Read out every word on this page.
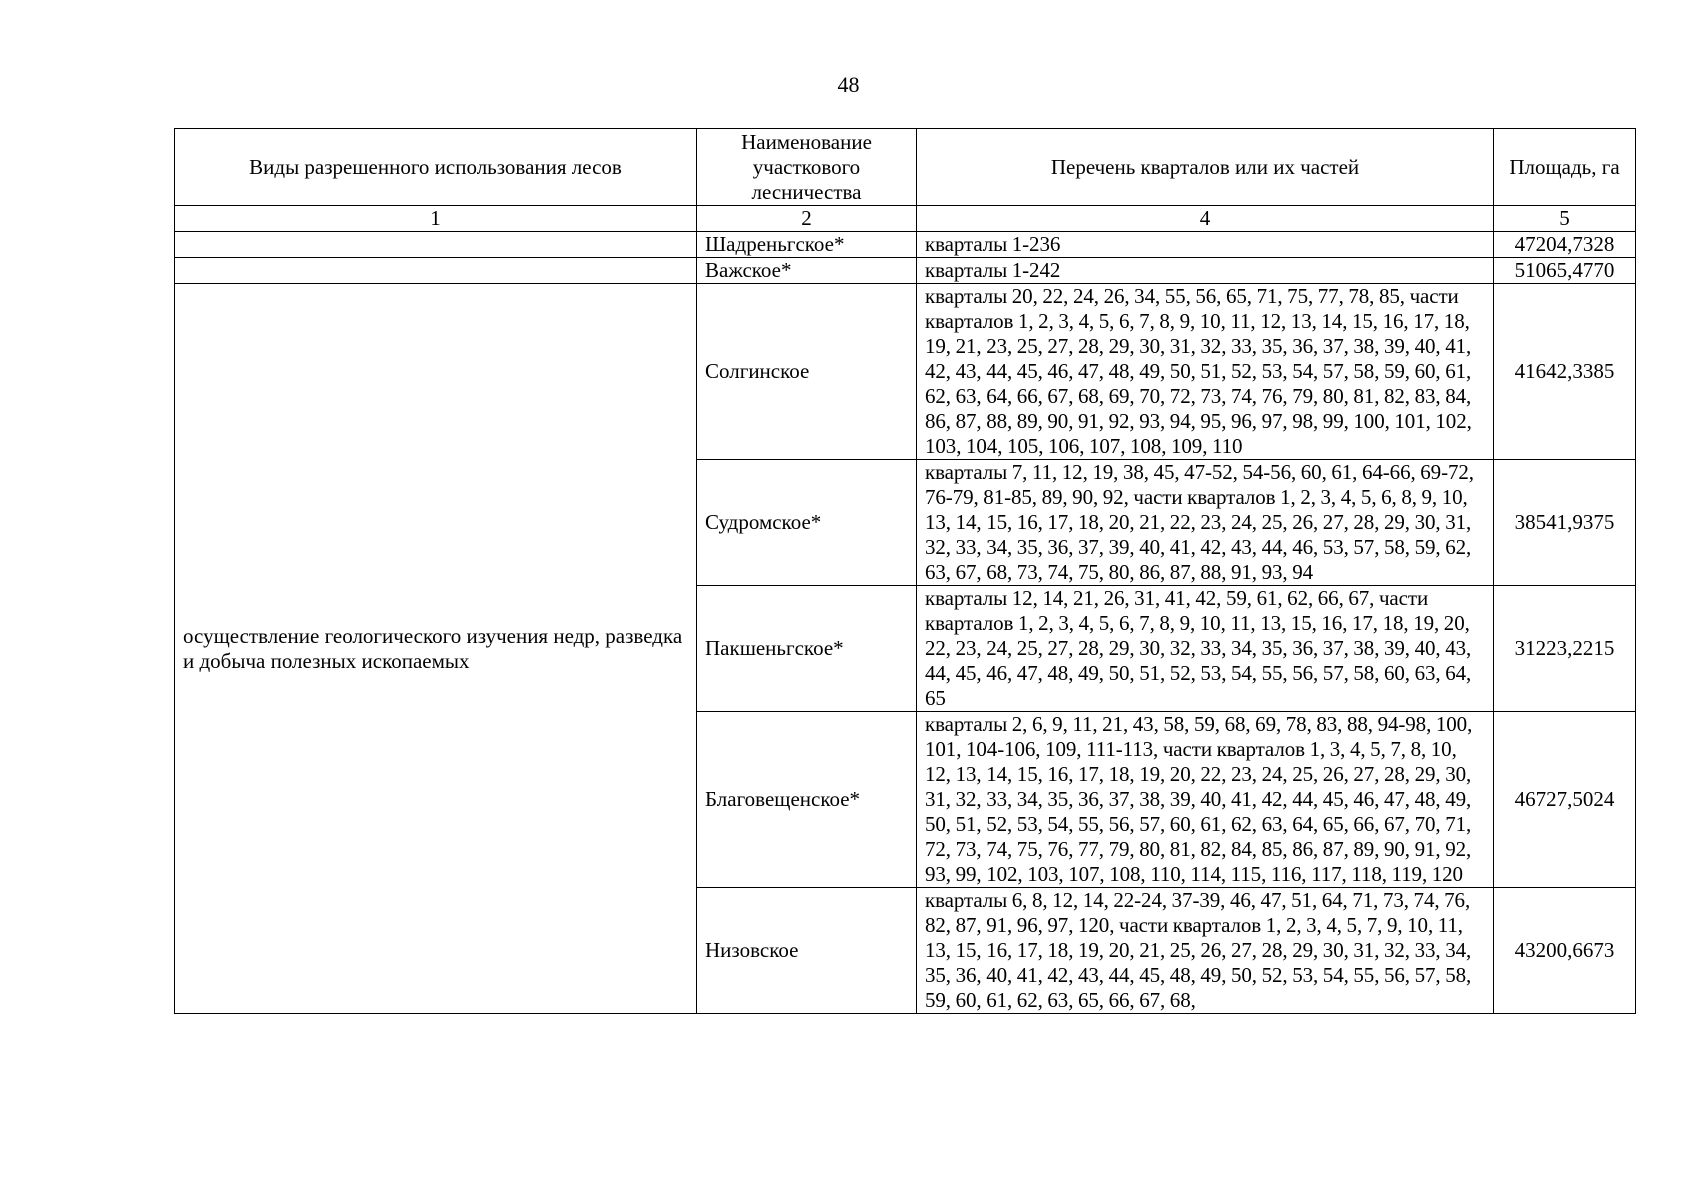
48
Виды разрешенного использования лесов	Наименование участкового лесничества	Перечень кварталов или их частей	Площадь, га
1	2	4	5
	Шадреньгское*	кварталы 1-236	47204,7328
	Важское*	кварталы 1-242	51065,4770
осуществление геологического изучения недр, разведка и добыча полезных ископаемых	Солгинское	кварталы 20, 22, 24, 26, 34, 55, 56, 65, 71, 75, 77, 78, 85, части кварталов 1, 2, 3, 4, 5, 6, 7, 8, 9, 10, 11, 12, 13, 14, 15, 16, 17, 18, 19, 21, 23, 25, 27, 28, 29, 30, 31, 32, 33, 35, 36, 37, 38, 39, 40, 41, 42, 43, 44, 45, 46, 47, 48, 49, 50, 51, 52, 53, 54, 57, 58, 59, 60, 61, 62, 63, 64, 66, 67, 68, 69, 70, 72, 73, 74, 76, 79, 80, 81, 82, 83, 84, 86, 87, 88, 89, 90, 91, 92, 93, 94, 95, 96, 97, 98, 99, 100, 101, 102, 103, 104, 105, 106, 107, 108, 109, 110	41642,3385
	Судромское*	кварталы 7, 11, 12, 19, 38, 45, 47-52, 54-56, 60, 61, 64-66, 69-72, 76-79, 81-85, 89, 90, 92, части кварталов 1, 2, 3, 4, 5, 6, 8, 9, 10, 13, 14, 15, 16, 17, 18, 20, 21, 22, 23, 24, 25, 26, 27, 28, 29, 30, 31, 32, 33, 34, 35, 36, 37, 39, 40, 41, 42, 43, 44, 46, 53, 57, 58, 59, 62, 63, 67, 68, 73, 74, 75, 80, 86, 87, 88, 91, 93, 94	38541,9375
	Пакшеньгское*	кварталы 12, 14, 21, 26, 31, 41, 42, 59, 61, 62, 66, 67, части кварталов 1, 2, 3, 4, 5, 6, 7, 8, 9, 10, 11, 13, 15, 16, 17, 18, 19, 20, 22, 23, 24, 25, 27, 28, 29, 30, 32, 33, 34, 35, 36, 37, 38, 39, 40, 43, 44, 45, 46, 47, 48, 49, 50, 51, 52, 53, 54, 55, 56, 57, 58, 60, 63, 64, 65	31223,2215
	Благовещенское*	кварталы 2, 6, 9, 11, 21, 43, 58, 59, 68, 69, 78, 83, 88, 94-98, 100, 101, 104-106, 109, 111-113, части кварталов 1, 3, 4, 5, 7, 8, 10, 12, 13, 14, 15, 16, 17, 18, 19, 20, 22, 23, 24, 25, 26, 27, 28, 29, 30, 31, 32, 33, 34, 35, 36, 37, 38, 39, 40, 41, 42, 44, 45, 46, 47, 48, 49, 50, 51, 52, 53, 54, 55, 56, 57, 60, 61, 62, 63, 64, 65, 66, 67, 70, 71, 72, 73, 74, 75, 76, 77, 79, 80, 81, 82, 84, 85, 86, 87, 89, 90, 91, 92, 93, 99, 102, 103, 107, 108, 110, 114, 115, 116, 117, 118, 119, 120	46727,5024
	Низовское	кварталы 6, 8, 12, 14, 22-24, 37-39, 46, 47, 51, 64, 71, 73, 74, 76, 82, 87, 91, 96, 97, 120, части кварталов 1, 2, 3, 4, 5, 7, 9, 10, 11, 13, 15, 16, 17, 18, 19, 20, 21, 25, 26, 27, 28, 29, 30, 31, 32, 33, 34, 35, 36, 40, 41, 42, 43, 44, 45, 48, 49, 50, 52, 53, 54, 55, 56, 57, 58, 59, 60, 61, 62, 63, 65, 66, 67, 68,	43200,6673
